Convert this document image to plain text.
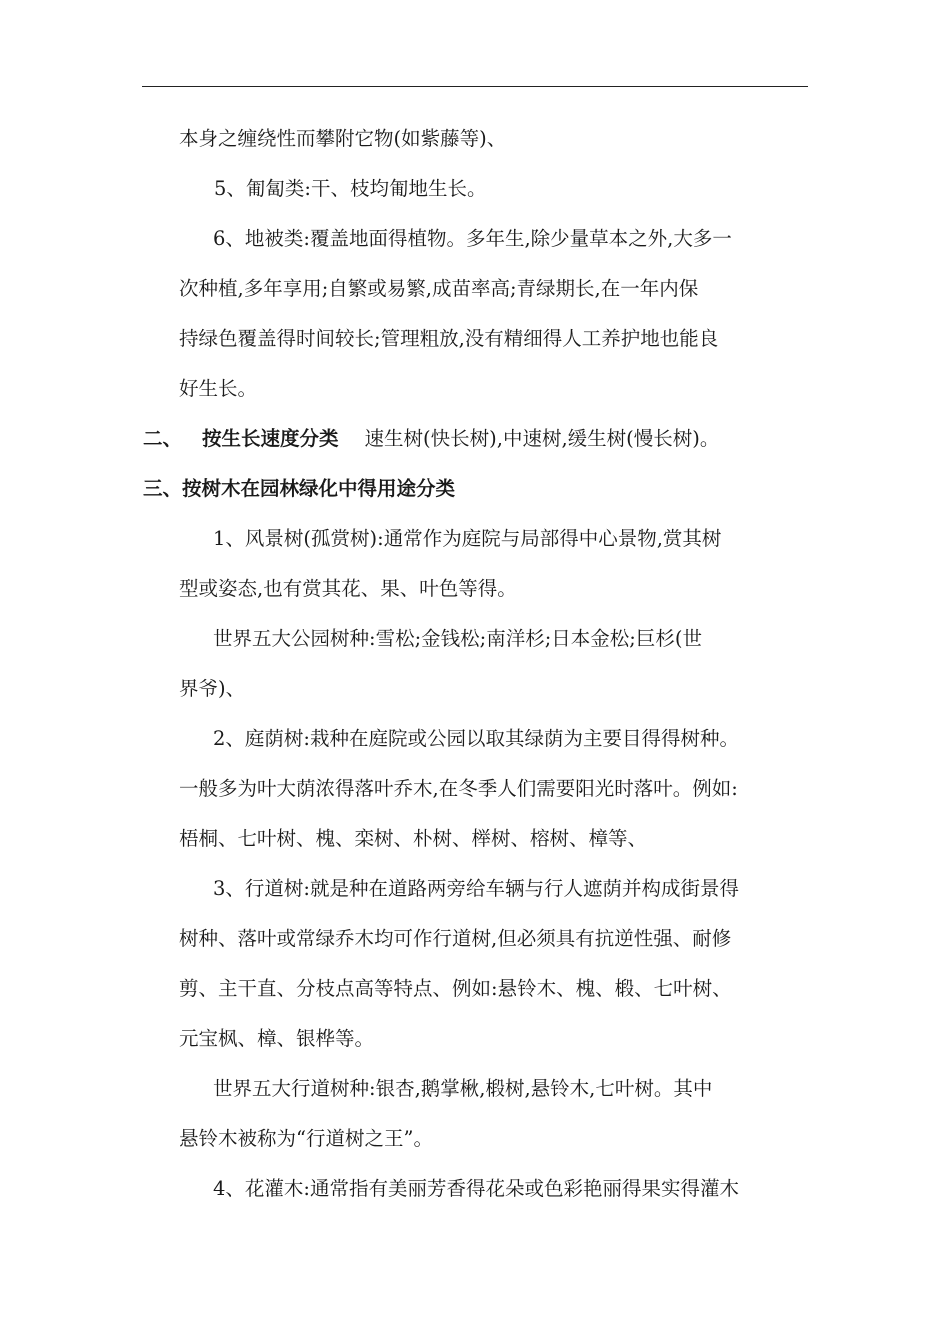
本身之缠绕性而攀附它物(如紫藤等)、
5、匍匐类:干、枝均匍地生长。
6、地被类:覆盖地面得植物。多年生,除少量草本之外,大多一
次种植,多年享用;自繁或易繁,成苗率高;青绿期长,在一年内保
持绿色覆盖得时间较长;管理粗放,没有精细得人工养护地也能良
好生长。
二、 按生长速度分类 速生树(快长树),中速树,缓生树(慢长树)。
三、按树木在园林绿化中得用途分类
1、风景树(孤赏树):通常作为庭院与局部得中心景物,赏其树
型或姿态,也有赏其花、果、叶色等得。
世界五大公园树种:雪松;金钱松;南洋杉;日本金松;巨杉(世
界爷)、
2、庭荫树:栽种在庭院或公园以取其绿荫为主要目得得树种。
一般多为叶大荫浓得落叶乔木,在冬季人们需要阳光时落叶。例如:
梧桐、七叶树、槐、栾树、朴树、榉树、榕树、樟等、
3、行道树:就是种在道路两旁给车辆与行人遮荫并构成街景得
树种、落叶或常绿乔木均可作行道树,但必须具有抗逆性强、耐修
剪、主干直、分枝点高等特点、例如:悬铃木、槐、椴、七叶树、
元宝枫、樟、银桦等。
世界五大行道树种:银杏,鹅掌楸,椴树,悬铃木,七叶树。其中
悬铃木被称为“行道树之王”。
4、花灌木:通常指有美丽芳香得花朵或色彩艳丽得果实得灌木
